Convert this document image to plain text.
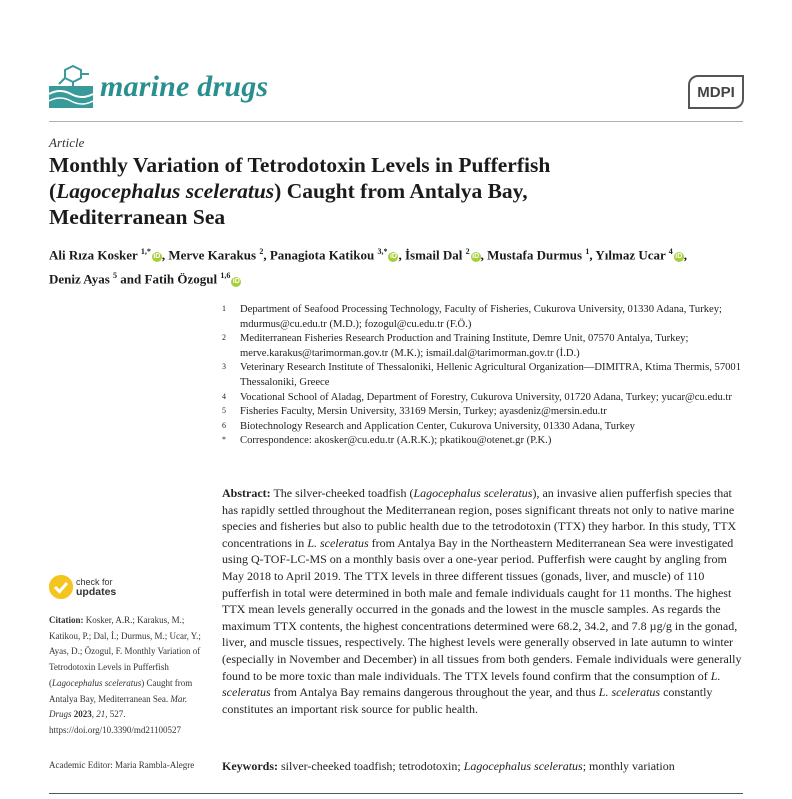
marine drugs	MDPI
Article
Monthly Variation of Tetrodotoxin Levels in Pufferfish
(Lagocephalus sceleratus) Caught from Antalya Bay,
Mediterranean Sea
Ali Rıza Kosker $^{1,*}$iD , Merve Karakus $^2$, Panagiota Katikou $^{3,*}$iD , İsmail Dal $^2$iD , Mustafa Durmus $^1$, Yılmaz Ucar $^4$iD ,
Deniz Ayas $^5$ and Fatih Özogul $^{1,6}$iD
1 Department of Seafood Processing Technology, Faculty of Fisheries, Cukurova University, 01330 Adana, Turkey; mdurmus@cu.edu.tr (M.D.); fozogul@cu.edu.tr (F.Ö.)
2 Mediterranean Fisheries Research Production and Training Institute, Demre Unit, 07570 Antalya, Turkey; merve.karakus@tarimorman.gov.tr (M.K.); ismail.dal@tarimorman.gov.tr (İ.D.)
3 Veterinary Research Institute of Thessaloniki, Hellenic Agricultural Organization—DIMITRA, Ktima Thermis, 57001 Thessaloniki, Greece
4 Vocational School of Aladag, Department of Forestry, Cukurova University, 01720 Adana, Turkey; yucar@cu.edu.tr
5 Fisheries Faculty, Mersin University, 33169 Mersin, Turkey; ayasdeniz@mersin.edu.tr
6 Biotechnology Research and Application Center, Cukurova University, 01330 Adana, Turkey
* Correspondence: akosker@cu.edu.tr (A.R.K.); pkatikou@otenet.gr (P.K.)
Abstract: The silver-cheeked toadfish (Lagocephalus sceleratus), an invasive alien pufferfish species that has rapidly settled throughout the Mediterranean region, poses significant threats not only to native marine species and fisheries but also to public health due to the tetrodotoxin (TTX) they harbor. In this study, TTX concentrations in L. sceleratus from Antalya Bay in the Northeastern Mediterranean Sea were investigated using Q-TOF-LC-MS on a monthly basis over a one-year period. Pufferfish were caught by angling from May 2018 to April 2019. The TTX levels in three different tissues (gonads, liver, and muscle) of 110 pufferfish in total were determined in both male and female individuals caught for 11 months. The highest TTX mean levels generally occurred in the gonads and the lowest in the muscle samples. As regards the maximum TTX contents, the highest concentrations determined were 68.2, 34.2, and 7.8 µg/g in the gonad, liver, and muscle tissues, respectively. The highest levels were generally observed in late autumn to winter (especially in November and December) in all tissues from both genders. Female individuals were generally found to be more toxic than male individuals. The TTX levels found confirm that the consumption of L. sceleratus from Antalya Bay remains dangerous throughout the year, and thus L. sceleratus constantly constitutes an important risk source for public health.
Keywords: silver-cheeked toadfish; tetrodotoxin; Lagocephalus sceleratus; monthly variation
check for
updates
Citation: Kosker, A.R.; Karakus, M.; Katikou, P.; Dal, İ.; Durmus, M.; Ucar, Y.; Ayas, D.; Özogul, F. Monthly Variation of Tetrodotoxin Levels in Pufferfish (Lagocephalus sceleratus) Caught from Antalya Bay, Mediterranean Sea. Mar. Drugs 2023, 21, 527. https://doi.org/10.3390/md21100527
Academic Editor: Maria Rambla-Alegre
